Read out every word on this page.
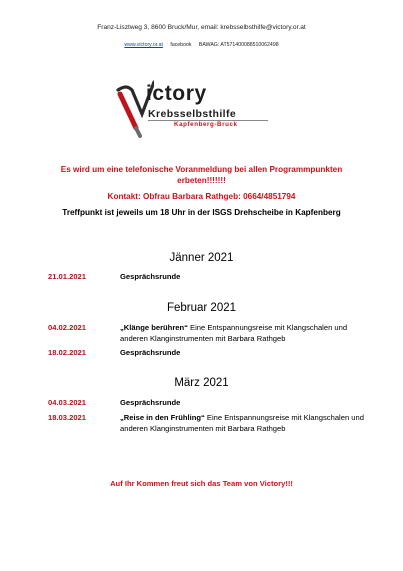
Franz-Lisztweg 3, 8600 Bruck/Mur, email: krebsselbsthilfe@victory.or.at
www.victory.or.at facebook BAWAG: AT571400088510062498
ictory
Krebsselbsthilfe
Kapfenberg-Bruck
Es wird um eine telefonische Voranmeldung bei allen Programmpunkten
erbeten!!!!!!!
Kontakt: Obfrau Barbara Rathgeb: 0664/4851794
Treffpunkt ist jeweils um 18 Uhr in der ISGS Drehscheibe in Kapfenberg
Jänner 2021
21.01.2021	Gesprächsrunde
Februar 2021
04.02.2021	„Klänge berühren“ Eine Entspannungsreise mit Klangschalen und anderen Klanginstrumenten mit Barbara Rathgeb
18.02.2021	Gesprächsrunde
März 2021
04.03.2021	Gesprächsrunde
18.03.2021	„Reise in den Frühling“ Eine Entspannungsreise mit Klangschalen und anderen Klanginstrumenten mit Barbara Rathgeb
Auf Ihr Kommen freut sich das Team von Victory!!!
